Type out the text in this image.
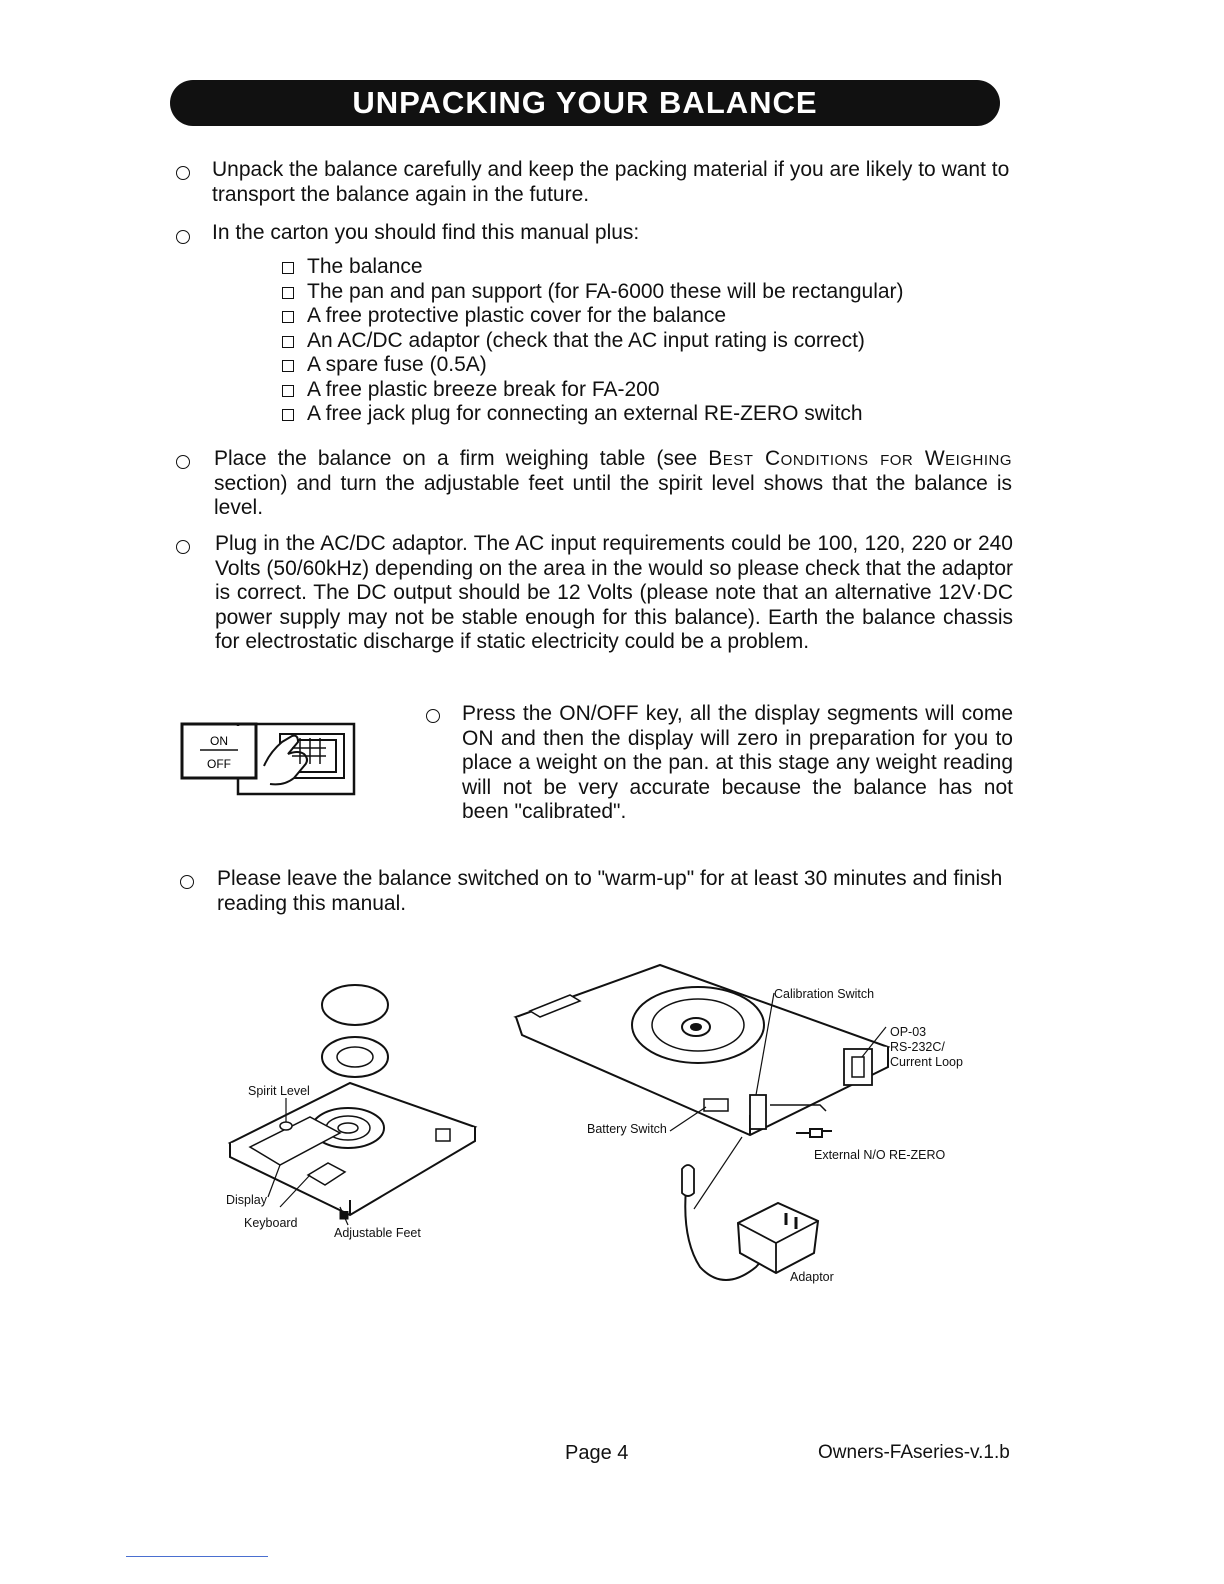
UNPACKING YOUR BALANCE
Unpack the balance carefully and keep the packing material if you are likely to want to transport the balance again in the future.
In the carton you should find this manual plus:
The balance
The pan and pan support (for FA-6000 these will be rectangular)
A free protective plastic cover for the balance
An AC/DC adaptor (check that the AC input rating is correct)
A spare fuse (0.5A)
A free plastic breeze break for FA-200
A free jack plug for connecting an external RE-ZERO switch
Place the balance on a firm weighing table (see Best Conditions for Weighing section) and turn the adjustable feet until the spirit level shows that the balance is level.
Plug in the AC/DC adaptor. The AC input requirements could be 100, 120, 220 or 240 Volts (50/60kHz) depending on the area in the would so please check that the adaptor is correct. The DC output should be 12 Volts (please note that an alternative 12V·DC power supply may not be stable enough for this balance). Earth the balance chassis for electrostatic discharge if static electricity could be a problem.
ON
OFF
Press the ON/OFF key, all the display segments will come ON and then the display will zero in preparation for you to place a weight on the pan. at this stage any weight reading will not be very accurate because the balance has not been "calibrated".
Please leave the balance switched on to "warm-up" for at least 30 minutes and finish reading this manual.
Spirit Level
Display
Keyboard
Adjustable Feet
Calibration Switch
OP-03
RS-232C/
Current Loop
Battery Switch
External N/O RE-ZERO
Adaptor
Page 4	Owners-FAseries-v.1.b
